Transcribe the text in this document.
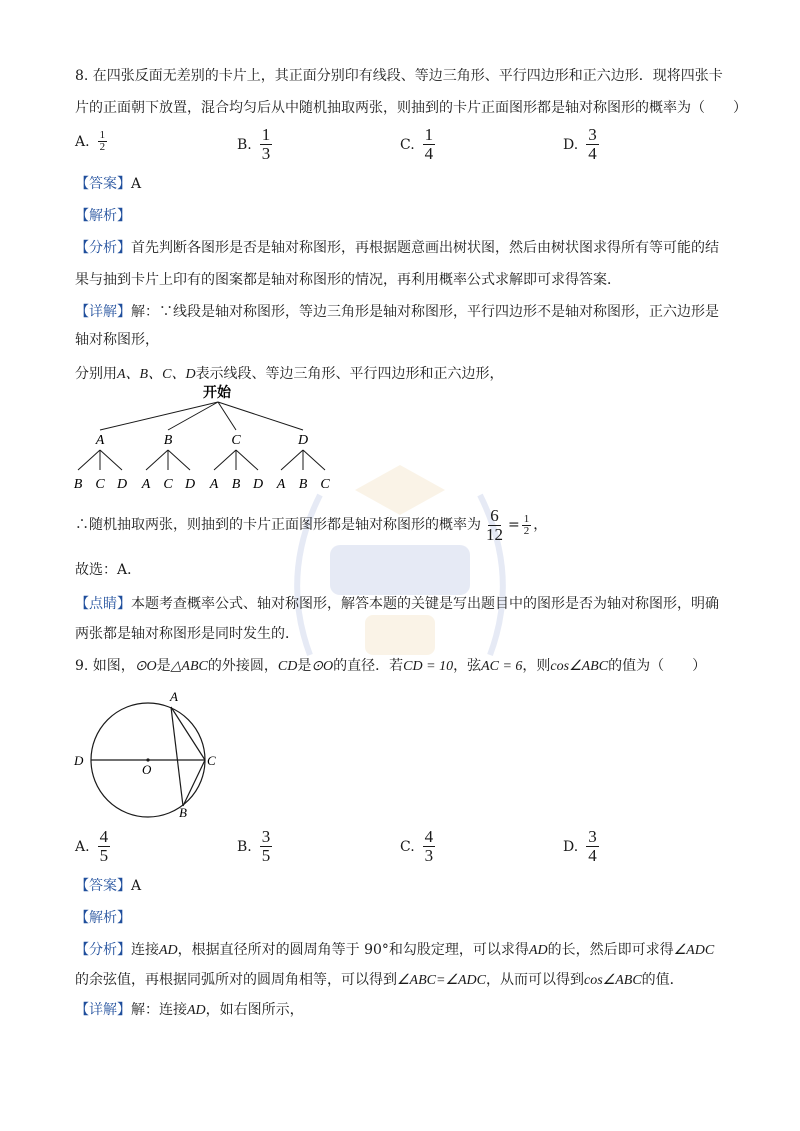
8. 在四张反面无差别的卡片上，其正面分别印有线段、等边三角形、平行四边形和正六边形．现将四张卡
片的正面朝下放置，混合均匀后从中随机抽取两张，则抽到的卡片正面图形都是轴对称图形的概率为（　　）
A. $\frac{1}{2}$	B. $\frac{1}{3}$	C. $\frac{1}{4}$	D. $\frac{3}{4}$
【答案】A
【解析】
【分析】首先判断各图形是否是轴对称图形，再根据题意画出树状图，然后由树状图求得所有等可能的结
果与抽到卡片上印有的图案都是轴对称图形的情况，再利用概率公式求解即可求得答案．
【详解】解：∵线段是轴对称图形，等边三角形是轴对称图形，平行四边形不是轴对称图形，正六边形是
轴对称图形，
分别用A、B、C、D表示线段、等边三角形、平行四边形和正六边形，
开始
A	B	C	D
B C D A C D A B D A B C
∴随机抽取两张，则抽到的卡片正面图形都是轴对称图形的概率为 $\frac{6}{12} = \frac{1}{2}$ ，
故选：A．
【点睛】本题考查概率公式、轴对称图形，解答本题的关键是写出题目中的图形是否为轴对称图形，明确
两张都是轴对称图形是同时发生的．
9. 如图，⊙O是△ABC的外接圆，CD是⊙O的直径．若CD = 10，弦AC = 6，则cos∠ABC的值为（　　）
A
B
C
D
O
A. $\frac{4}{5}$	B. $\frac{3}{5}$	C. $\frac{4}{3}$	D. $\frac{3}{4}$
【答案】A
【解析】
【分析】连接AD，根据直径所对的圆周角等于 90°和勾股定理，可以求得AD的长，然后即可求得∠ADC
的余弦值，再根据同弧所对的圆周角相等，可以得到∠ABC=∠ADC，从而可以得到cos∠ABC的值．
【详解】解：连接AD，如右图所示，
